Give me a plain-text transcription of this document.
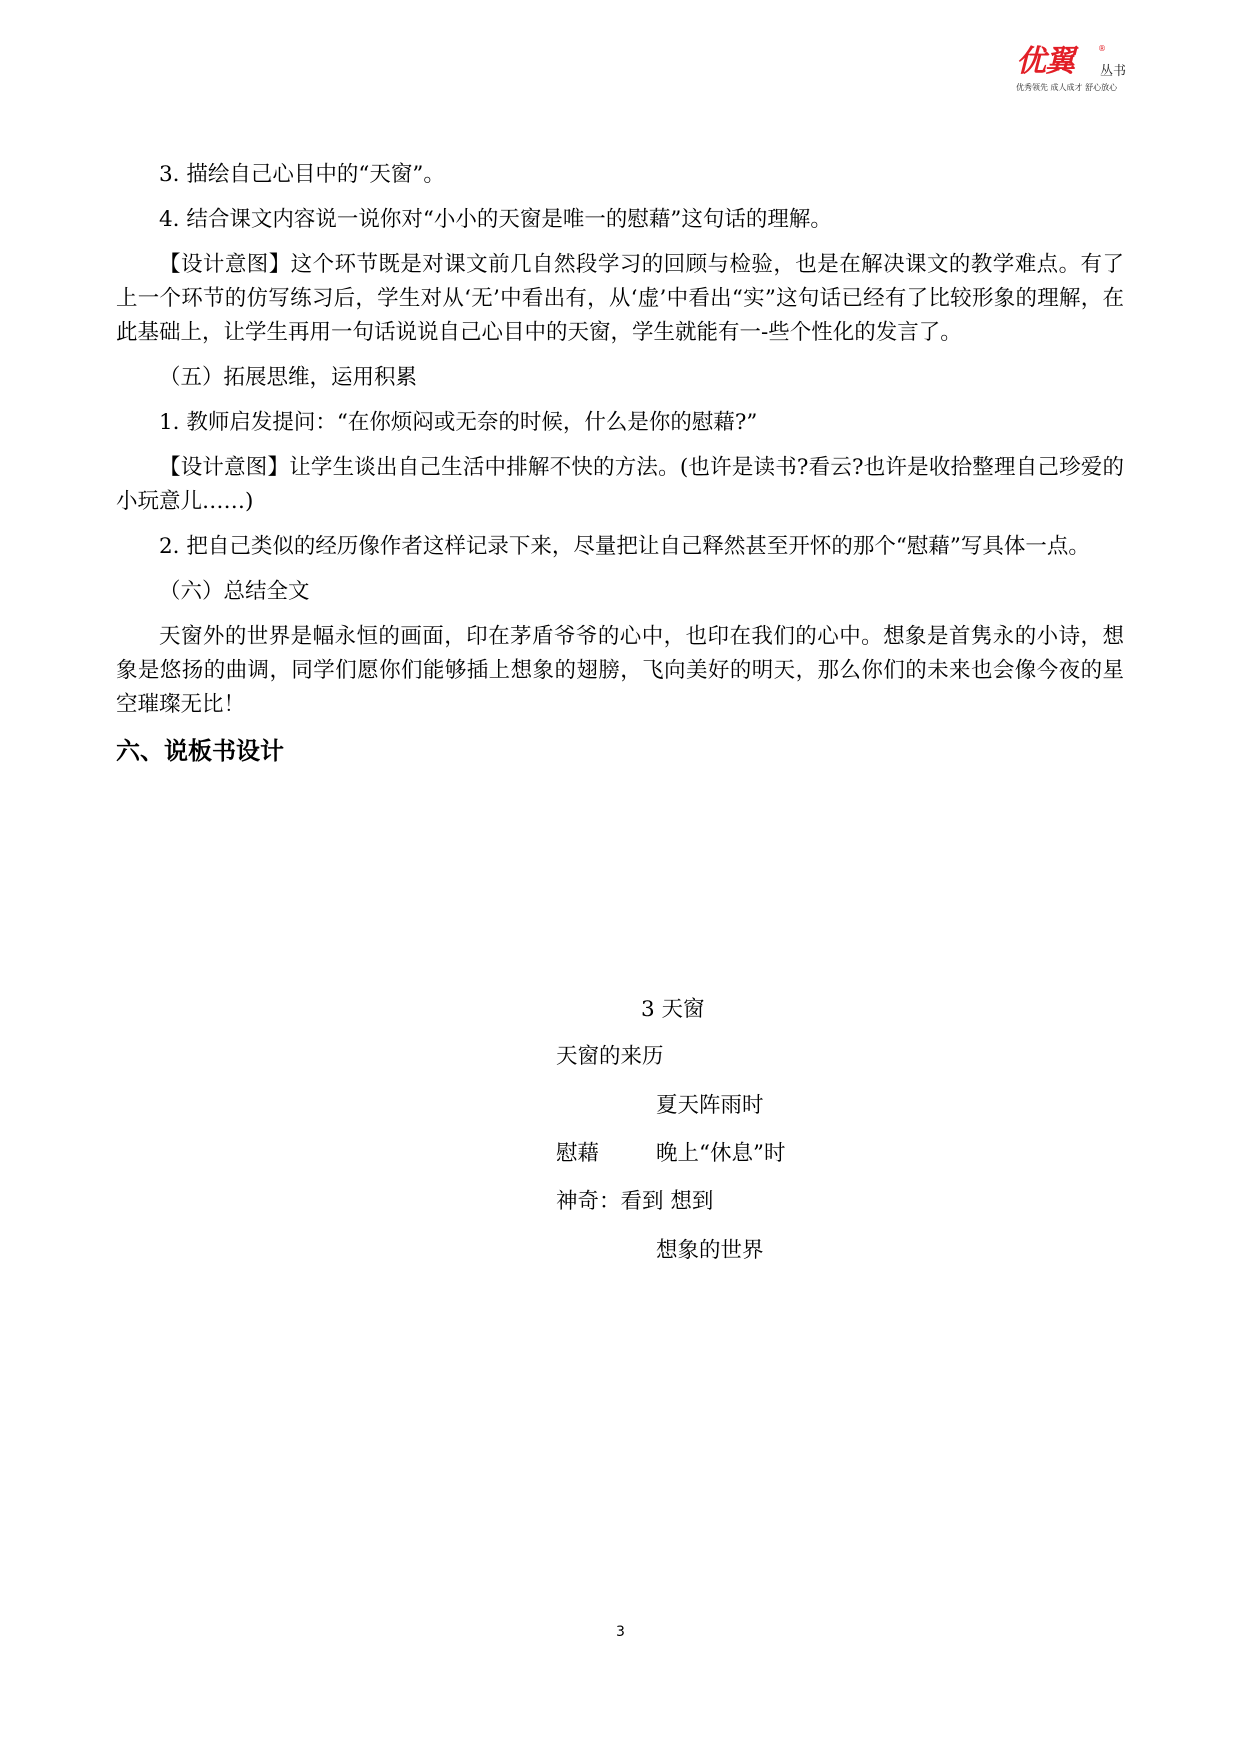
优翼	®
丛书
优秀领先 成人成才 舒心放心

3. 描绘自己心目中的“天窗”。

4. 结合课文内容说一说你对“小小的天窗是唯一的慰藉”这句话的理解。

【设计意图】这个环节既是对课文前几自然段学习的回顾与检验，也是在解决课文的教学难点。有了上一个环节的仿写练习后，学生对从‘无’中看出有，从‘虚’中看出“实”这句话已经有了比较形象的理解，在此基础上，让学生再用一句话说说自己心目中的天窗，学生就能有一-些个性化的发言了。

（五）拓展思维，运用积累

1. 教师启发提问：“在你烦闷或无奈的时候，什么是你的慰藉?”

【设计意图】让学生谈出自己生活中排解不快的方法。(也许是读书?看云?也许是收拾整理自己珍爱的小玩意儿……)

2. 把自己类似的经历像作者这样记录下来，尽量把让自己释然甚至开怀的那个“慰藉”写具体一点。

（六）总结全文

天窗外的世界是幅永恒的画面，印在茅盾爷爷的心中，也印在我们的心中。想象是首隽永的小诗，想象是悠扬的曲调，同学们愿你们能够插上想象的翅膀，飞向美好的明天，那么你们的未来也会像今夜的星空璀璨无比！

六、说板书设计

3 天窗
天窗的来历
夏天阵雨时
慰藉	晚上“休息”时
神奇：看到 想到
想象的世界
3
